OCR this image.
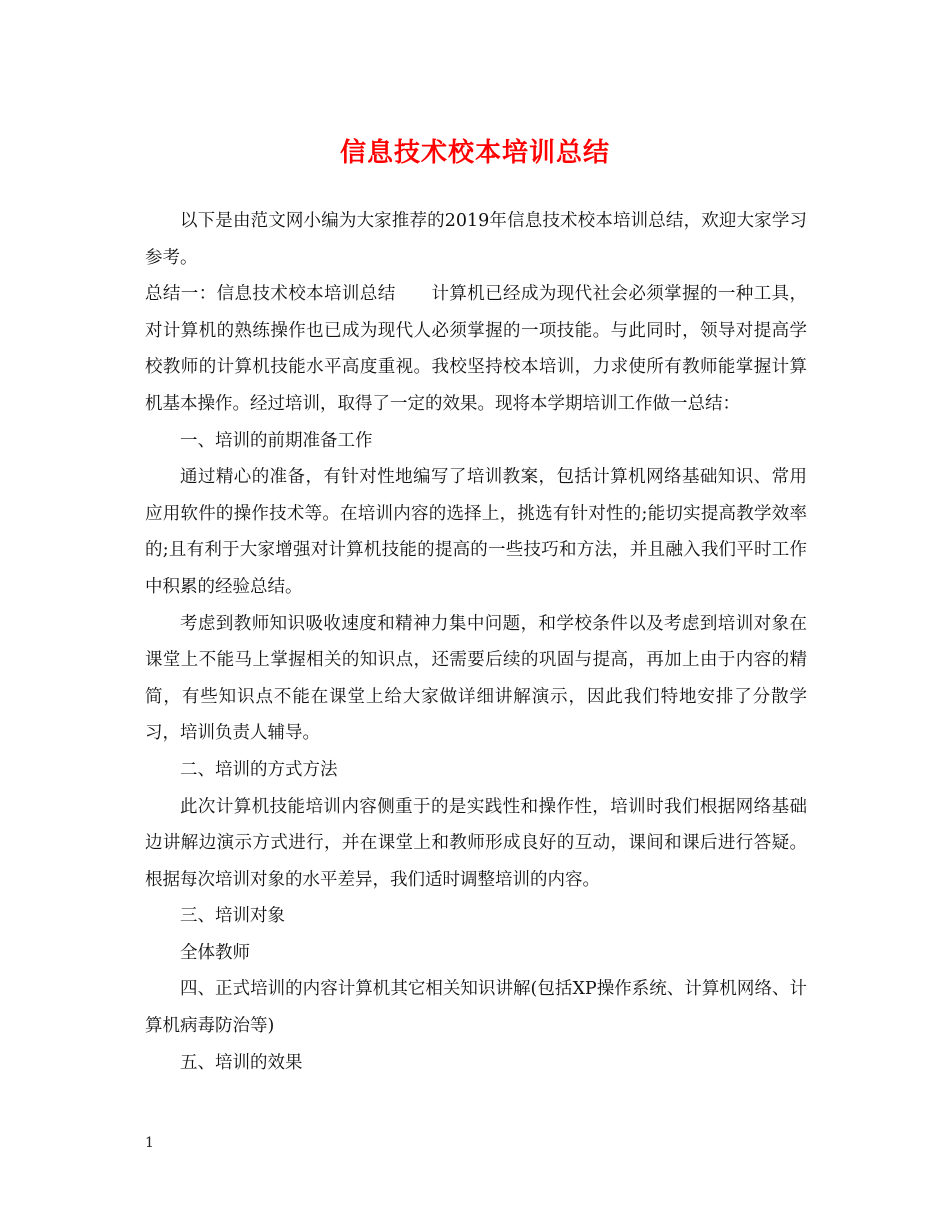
信息技术校本培训总结

以下是由范文网小编为大家推荐的2019年信息技术校本培训总结，欢迎大家学习参考。

总结一：信息技术校本培训总结　　计算机已经成为现代社会必须掌握的一种工具，对计算机的熟练操作也已成为现代人必须掌握的一项技能。与此同时，领导对提高学校教师的计算机技能水平高度重视。我校坚持校本培训，力求使所有教师能掌握计算机基本操作。经过培训，取得了一定的效果。现将本学期培训工作做一总结：

一、培训的前期准备工作

通过精心的准备，有针对性地编写了培训教案，包括计算机网络基础知识、常用应用软件的操作技术等。在培训内容的选择上，挑选有针对性的;能切实提高教学效率的;且有利于大家增强对计算机技能的提高的一些技巧和方法，并且融入我们平时工作中积累的经验总结。

考虑到教师知识吸收速度和精神力集中问题，和学校条件以及考虑到培训对象在课堂上不能马上掌握相关的知识点，还需要后续的巩固与提高，再加上由于内容的精简，有些知识点不能在课堂上给大家做详细讲解演示，因此我们特地安排了分散学习，培训负责人辅导。

二、培训的方式方法

此次计算机技能培训内容侧重于的是实践性和操作性，培训时我们根据网络基础边讲解边演示方式进行，并在课堂上和教师形成良好的互动，课间和课后进行答疑。根据每次培训对象的水平差异，我们适时调整培训的内容。

三、培训对象

全体教师

四、正式培训的内容计算机其它相关知识讲解(包括XP操作系统、计算机网络、计算机病毒防治等)

五、培训的效果

1
